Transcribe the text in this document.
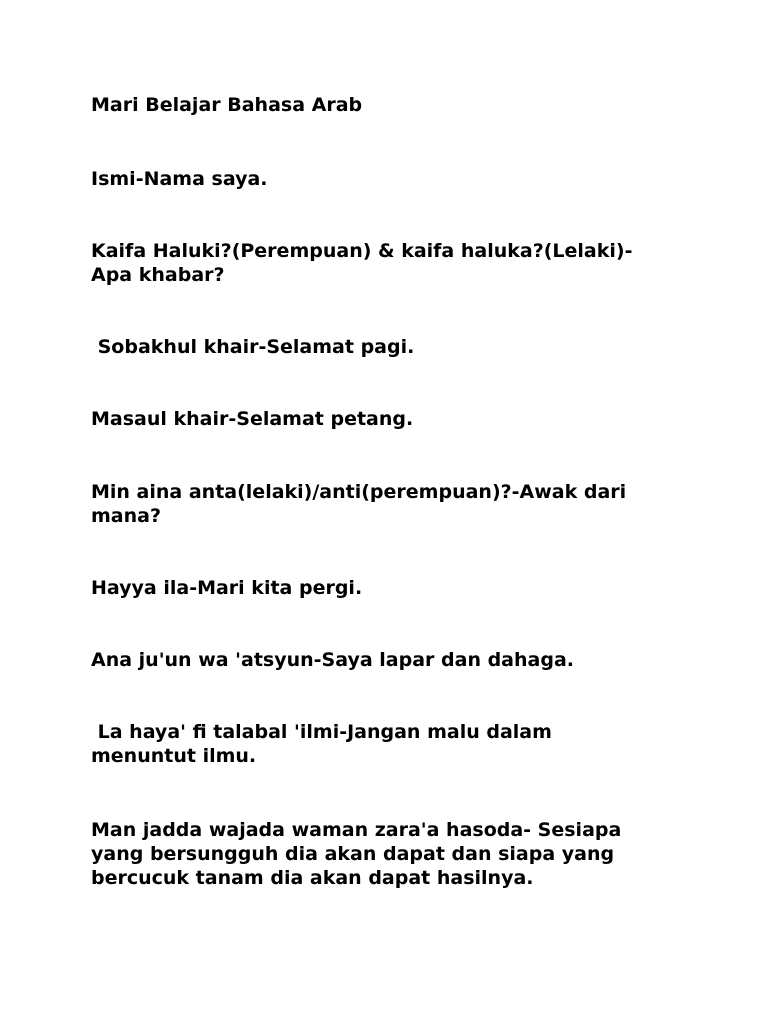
Mari Belajar Bahasa Arab

Ismi-Nama saya.

Kaifa Haluki?(Perempuan) & kaifa haluka?(Lelaki)-
Apa khabar?

Sobakhul khair-Selamat pagi.

Masaul khair-Selamat petang.

Min aina anta(lelaki)/anti(perempuan)?-Awak dari
mana?

Hayya ila-Mari kita pergi.

Ana ju'un wa 'atsyun-Saya lapar dan dahaga.

La haya' fi talabal 'ilmi-Jangan malu dalam
menuntut ilmu.

Man jadda wajada waman zara'a hasoda- Sesiapa
yang bersungguh dia akan dapat dan siapa yang
bercucuk tanam dia akan dapat hasilnya.
